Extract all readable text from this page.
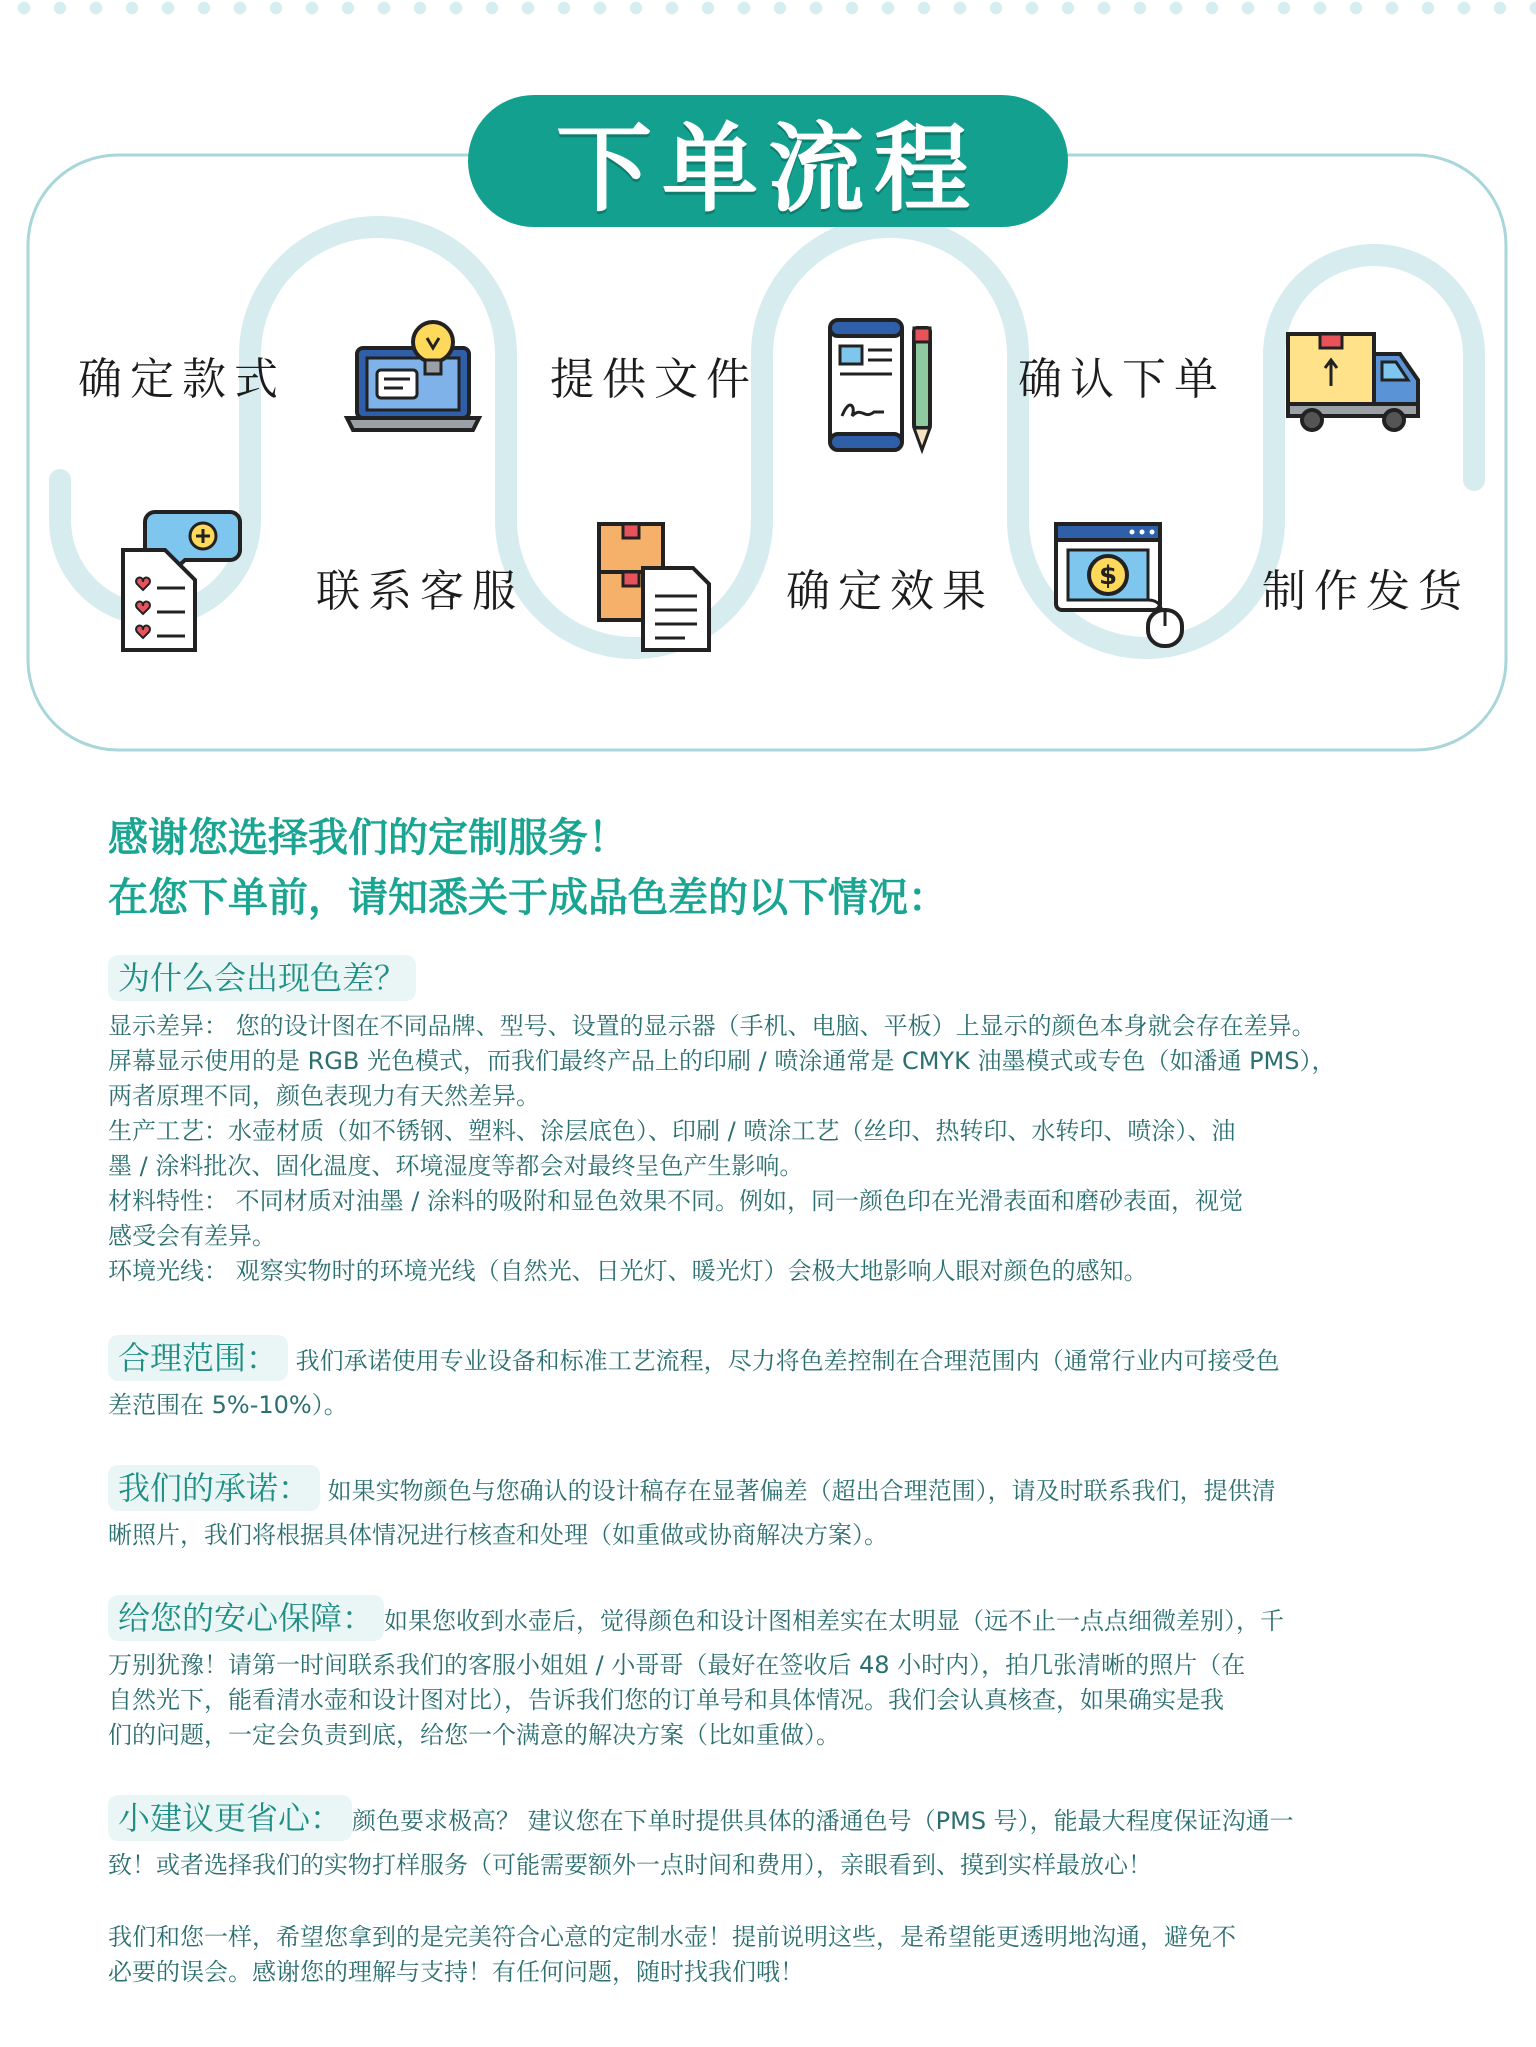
下单流程
确定款式
联系客服
提供文件
确定效果
确认下单
制作发货
$
感谢您选择我们的定制服务！
在您下单前，请知悉关于成品色差的以下情况：
为什么会出现色差？

显示差异： 您的设计图在不同品牌、型号、设置的显示器（手机、电脑、平板）上显示的颜色本身就会存在差异。

屏幕显示使用的是 RGB 光色模式，而我们最终产品上的印刷 / 喷涂通常是 CMYK 油墨模式或专色（如潘通 PMS），

两者原理不同，颜色表现力有天然差异。

生产工艺：水壶材质（如不锈钢、塑料、涂层底色）、印刷 / 喷涂工艺（丝印、热转印、水转印、喷涂）、油

墨 / 涂料批次、固化温度、环境湿度等都会对最终呈色产生影响。

材料特性： 不同材质对油墨 / 涂料的吸附和显色效果不同。例如，同一颜色印在光滑表面和磨砂表面，视觉

感受会有差异。

环境光线： 观察实物时的环境光线（自然光、日光灯、暖光灯）会极大地影响人眼对颜色的感知。

合理范围： 我们承诺使用专业设备和标准工艺流程，尽力将色差控制在合理范围内（通常行业内可接受色

差范围在 5%-10%）。

我们的承诺： 如果实物颜色与您确认的设计稿存在显著偏差（超出合理范围），请及时联系我们，提供清

晰照片，我们将根据具体情况进行核查和处理（如重做或协商解决方案）。

给您的安心保障： 如果您收到水壶后，觉得颜色和设计图相差实在太明显（远不止一点点细微差别），千

万别犹豫！请第一时间联系我们的客服小姐姐 / 小哥哥（最好在签收后 48 小时内），拍几张清晰的照片（在

自然光下，能看清水壶和设计图对比），告诉我们您的订单号和具体情况。我们会认真核查，如果确实是我

们的问题，一定会负责到底，给您一个满意的解决方案（比如重做）。

小建议更省心： 颜色要求极高？ 建议您在下单时提供具体的潘通色号（PMS 号），能最大程度保证沟通一

致！或者选择我们的实物打样服务（可能需要额外一点时间和费用），亲眼看到、摸到实样最放心！

我们和您一样，希望您拿到的是完美符合心意的定制水壶！提前说明这些，是希望能更透明地沟通，避免不

必要的误会。感谢您的理解与支持！有任何问题，随时找我们哦！
